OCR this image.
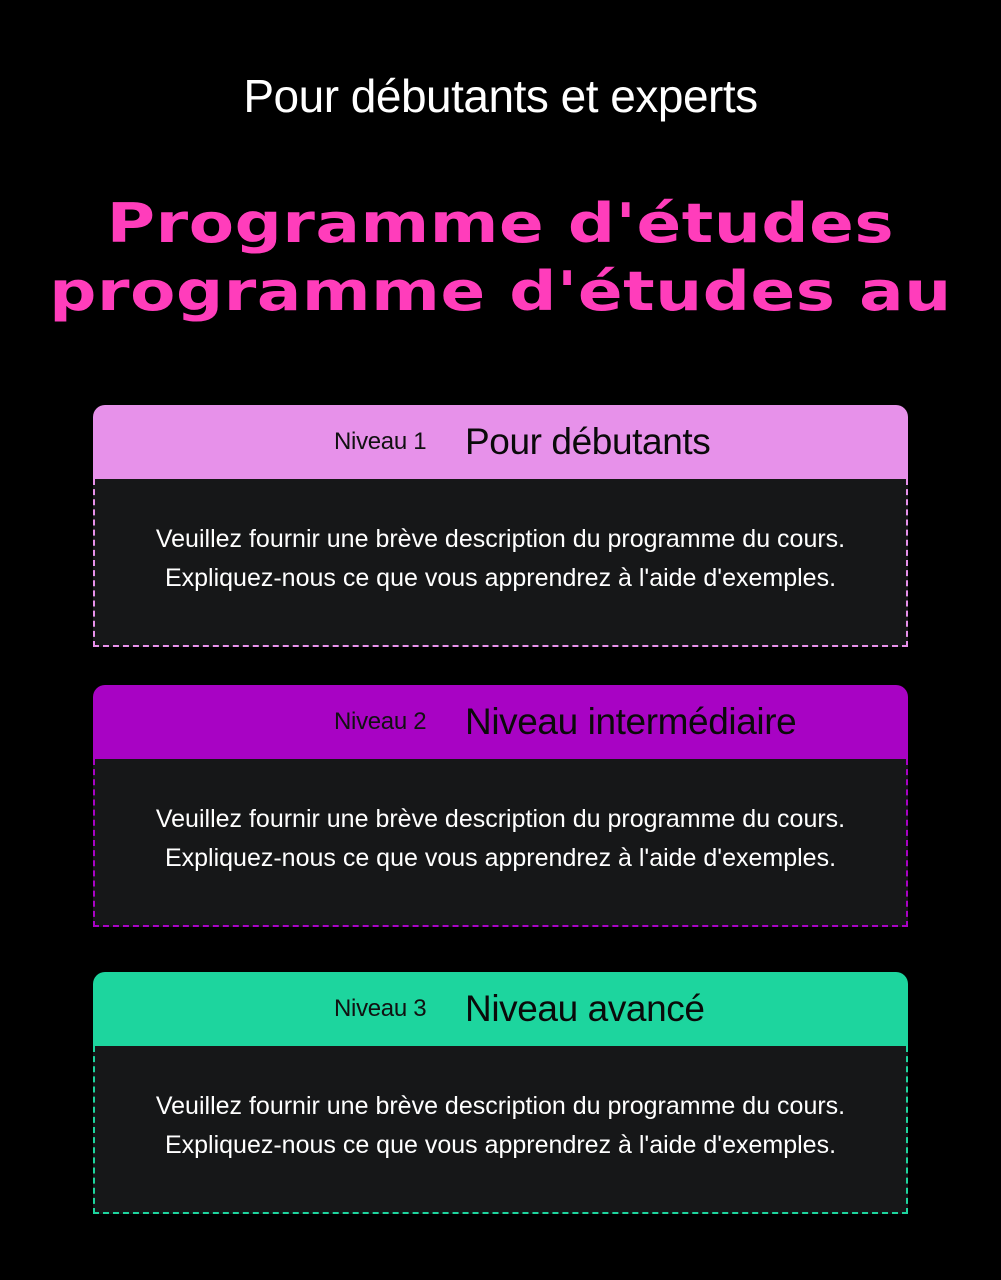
Pour débutants et experts
Programme d'études
programme d'études au
Niveau 1 Pour débutants
Veuillez fournir une brève description du programme du cours.
Expliquez-nous ce que vous apprendrez à l'aide d'exemples.
Niveau 2 Niveau intermédiaire
Veuillez fournir une brève description du programme du cours.
Expliquez-nous ce que vous apprendrez à l'aide d'exemples.
Niveau 3 Niveau avancé
Veuillez fournir une brève description du programme du cours.
Expliquez-nous ce que vous apprendrez à l'aide d'exemples.
